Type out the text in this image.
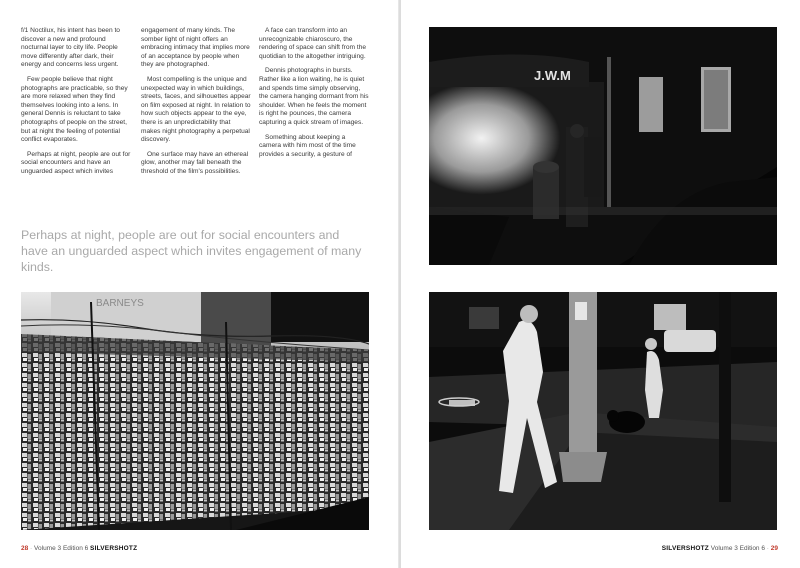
f/1 Noctilux, his intent has been to discover a new and profound nocturnal layer to city life. People move differently after dark, their energy and concerns less urgent.

Few people believe that night photographs are practicable, so they are more relaxed when they find themselves looking into a lens. In general Dennis is reluctant to take photographs of people on the street, but at night the feeling of potential conflict evaporates.

Perhaps at night, people are out for social encounters and have an unguarded aspect which invites

engagement of many kinds. The somber light of night offers an embracing intimacy that implies more of an acceptance by people when they are photographed.

Most compelling is the unique and unexpected way in which buildings, streets, faces, and silhouettes appear on film exposed at night. In relation to how such objects appear to the eye, there is an unpredictability that makes night photography a perpetual discovery.

One surface may have an ethereal glow, another may fall beneath the threshold of the film's possibilities.

A face can transform into an unrecognizable chiaroscuro, the rendering of space can shift from the quotidian to the altogether intriguing.

Dennis photographs in bursts. Rather like a lion waiting, he is quiet and spends time simply observing, the camera hanging dormant from his shoulder. When he feels the moment is right he pounces, the camera capturing a quick stream of images.

Something about keeping a camera with him most of the time provides a security, a gesture of

Perhaps at night, people are out for social encounters and have an unguarded aspect which invites engagement of many kinds.
BARNEYS
28 · Volume 3 Edition 6 SILVERSHOTZ
J.W.M
SILVERSHOTZ Volume 3 Edition 6 · 29
